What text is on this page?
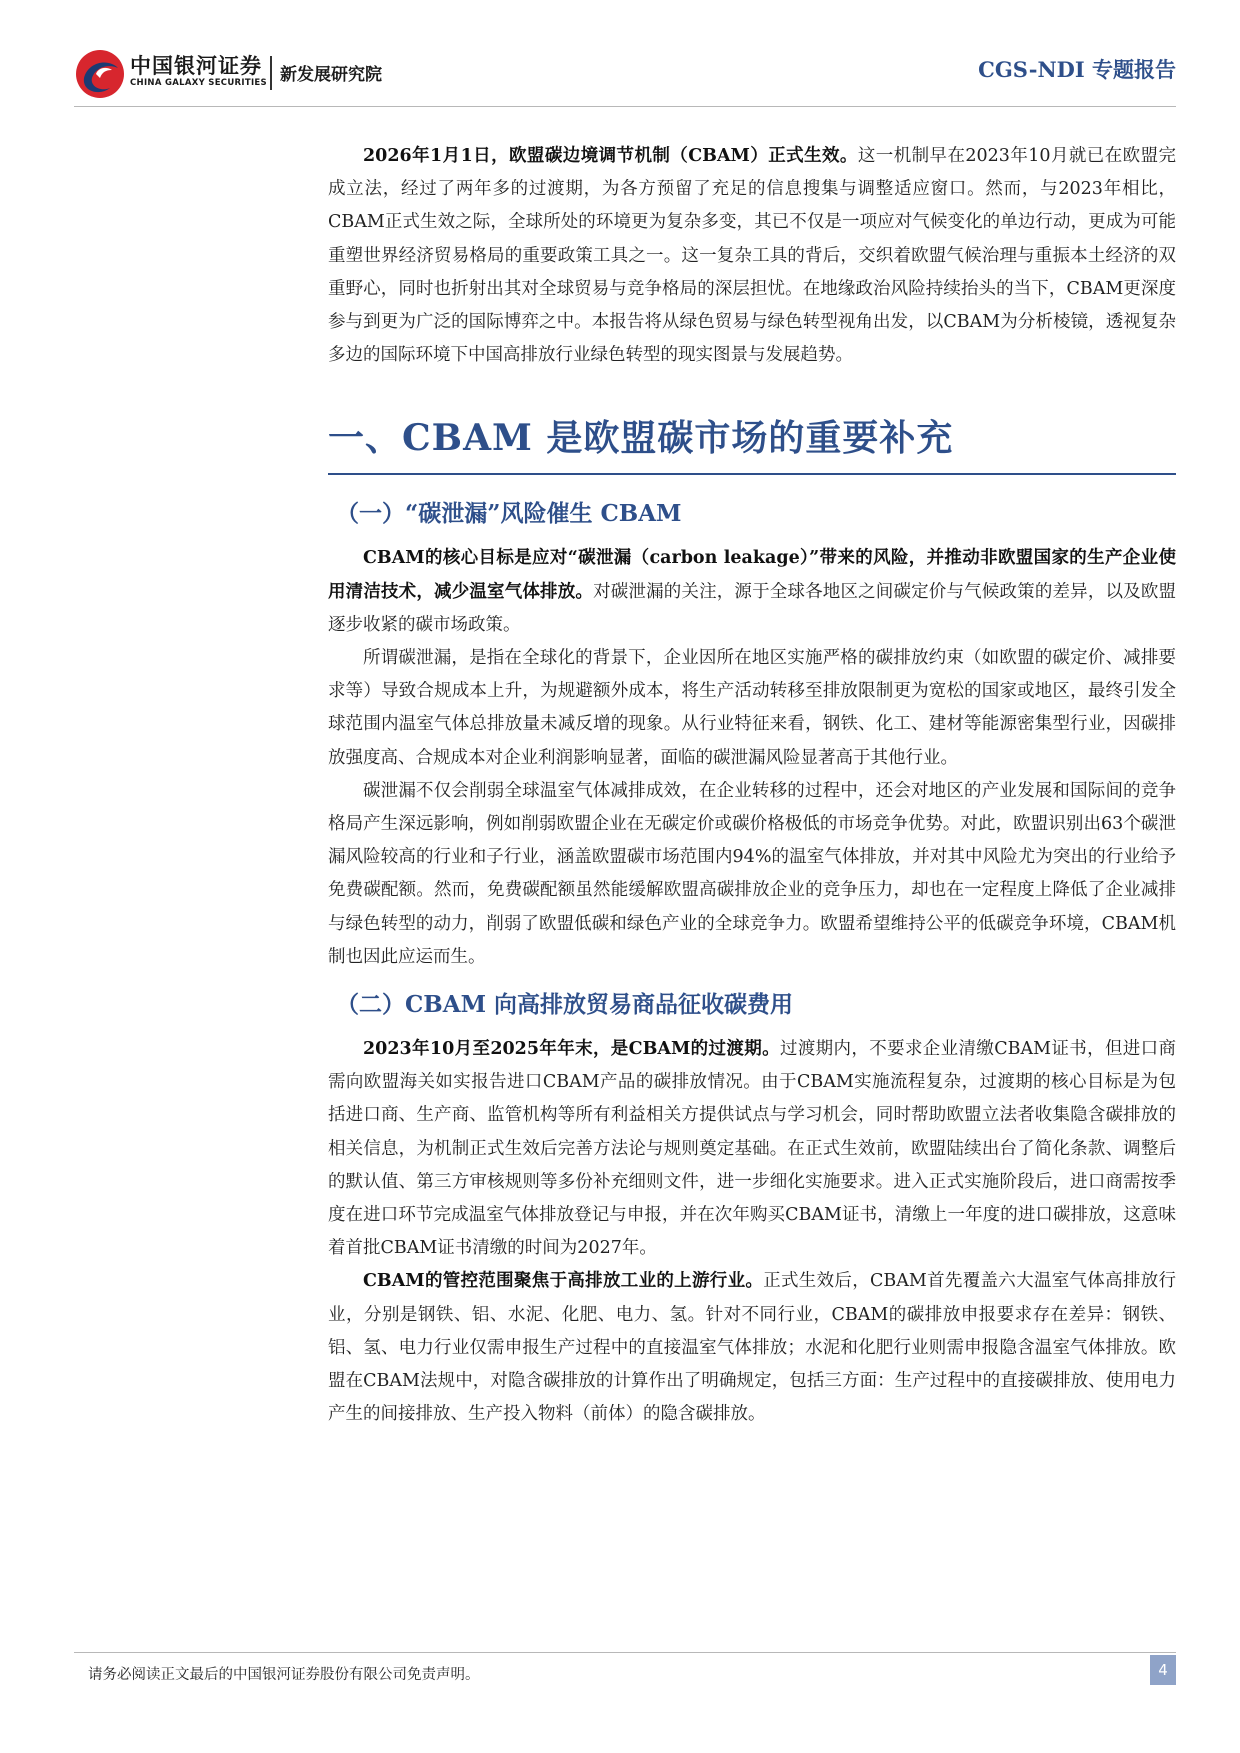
中国银河证券
CHINA GALAXY SECURITIES 新发展研究院	CGS-NDI 专题报告

2026年1月1日，欧盟碳边境调节机制（CBAM）正式生效。这一机制早在2023年10月就已在欧盟完成立法，经过了两年多的过渡期，为各方预留了充足的信息搜集与调整适应窗口。然而，与2023年相比，CBAM正式生效之际，全球所处的环境更为复杂多变，其已不仅是一项应对气候变化的单边行动，更成为可能重塑世界经济贸易格局的重要政策工具之一。这一复杂工具的背后，交织着欧盟气候治理与重振本土经济的双重野心，同时也折射出其对全球贸易与竞争格局的深层担忧。在地缘政治风险持续抬头的当下，CBAM更深度参与到更为广泛的国际博弈之中。本报告将从绿色贸易与绿色转型视角出发，以CBAM为分析棱镜，透视复杂多边的国际环境下中国高排放行业绿色转型的现实图景与发展趋势。

一、CBAM 是欧盟碳市场的重要补充
（一）“碳泄漏”风险催生 CBAM

CBAM的核心目标是应对“碳泄漏（carbon leakage）”带来的风险，并推动非欧盟国家的生产企业使用清洁技术，减少温室气体排放。对碳泄漏的关注，源于全球各地区之间碳定价与气候政策的差异，以及欧盟逐步收紧的碳市场政策。

所谓碳泄漏，是指在全球化的背景下，企业因所在地区实施严格的碳排放约束（如欧盟的碳定价、减排要求等）导致合规成本上升，为规避额外成本，将生产活动转移至排放限制更为宽松的国家或地区，最终引发全球范围内温室气体总排放量未减反增的现象。从行业特征来看，钢铁、化工、建材等能源密集型行业，因碳排放强度高、合规成本对企业利润影响显著，面临的碳泄漏风险显著高于其他行业。

碳泄漏不仅会削弱全球温室气体减排成效，在企业转移的过程中，还会对地区的产业发展和国际间的竞争格局产生深远影响，例如削弱欧盟企业在无碳定价或碳价格极低的市场竞争优势。对此，欧盟识别出63个碳泄漏风险较高的行业和子行业，涵盖欧盟碳市场范围内94%的温室气体排放，并对其中风险尤为突出的行业给予免费碳配额。然而，免费碳配额虽然能缓解欧盟高碳排放企业的竞争压力，却也在一定程度上降低了企业减排与绿色转型的动力，削弱了欧盟低碳和绿色产业的全球竞争力。欧盟希望维持公平的低碳竞争环境，CBAM机制也因此应运而生。

（二）CBAM 向高排放贸易商品征收碳费用

2023年10月至2025年年末，是CBAM的过渡期。过渡期内，不要求企业清缴CBAM证书，但进口商需向欧盟海关如实报告进口CBAM产品的碳排放情况。由于CBAM实施流程复杂，过渡期的核心目标是为包括进口商、生产商、监管机构等所有利益相关方提供试点与学习机会，同时帮助欧盟立法者收集隐含碳排放的相关信息，为机制正式生效后完善方法论与规则奠定基础。在正式生效前，欧盟陆续出台了简化条款、调整后的默认值、第三方审核规则等多份补充细则文件，进一步细化实施要求。进入正式实施阶段后，进口商需按季度在进口环节完成温室气体排放登记与申报，并在次年购买CBAM证书，清缴上一年度的进口碳排放，这意味着首批CBAM证书清缴的时间为2027年。

CBAM的管控范围聚焦于高排放工业的上游行业。正式生效后，CBAM首先覆盖六大温室气体高排放行业，分别是钢铁、铝、水泥、化肥、电力、氢。针对不同行业，CBAM的碳排放申报要求存在差异：钢铁、铝、氢、电力行业仅需申报生产过程中的直接温室气体排放；水泥和化肥行业则需申报隐含温室气体排放。欧盟在CBAM法规中，对隐含碳排放的计算作出了明确规定，包括三方面：生产过程中的直接碳排放、使用电力产生的间接排放、生产投入物料（前体）的隐含碳排放。

请务必阅读正文最后的中国银河证券股份有限公司免责声明。	4
